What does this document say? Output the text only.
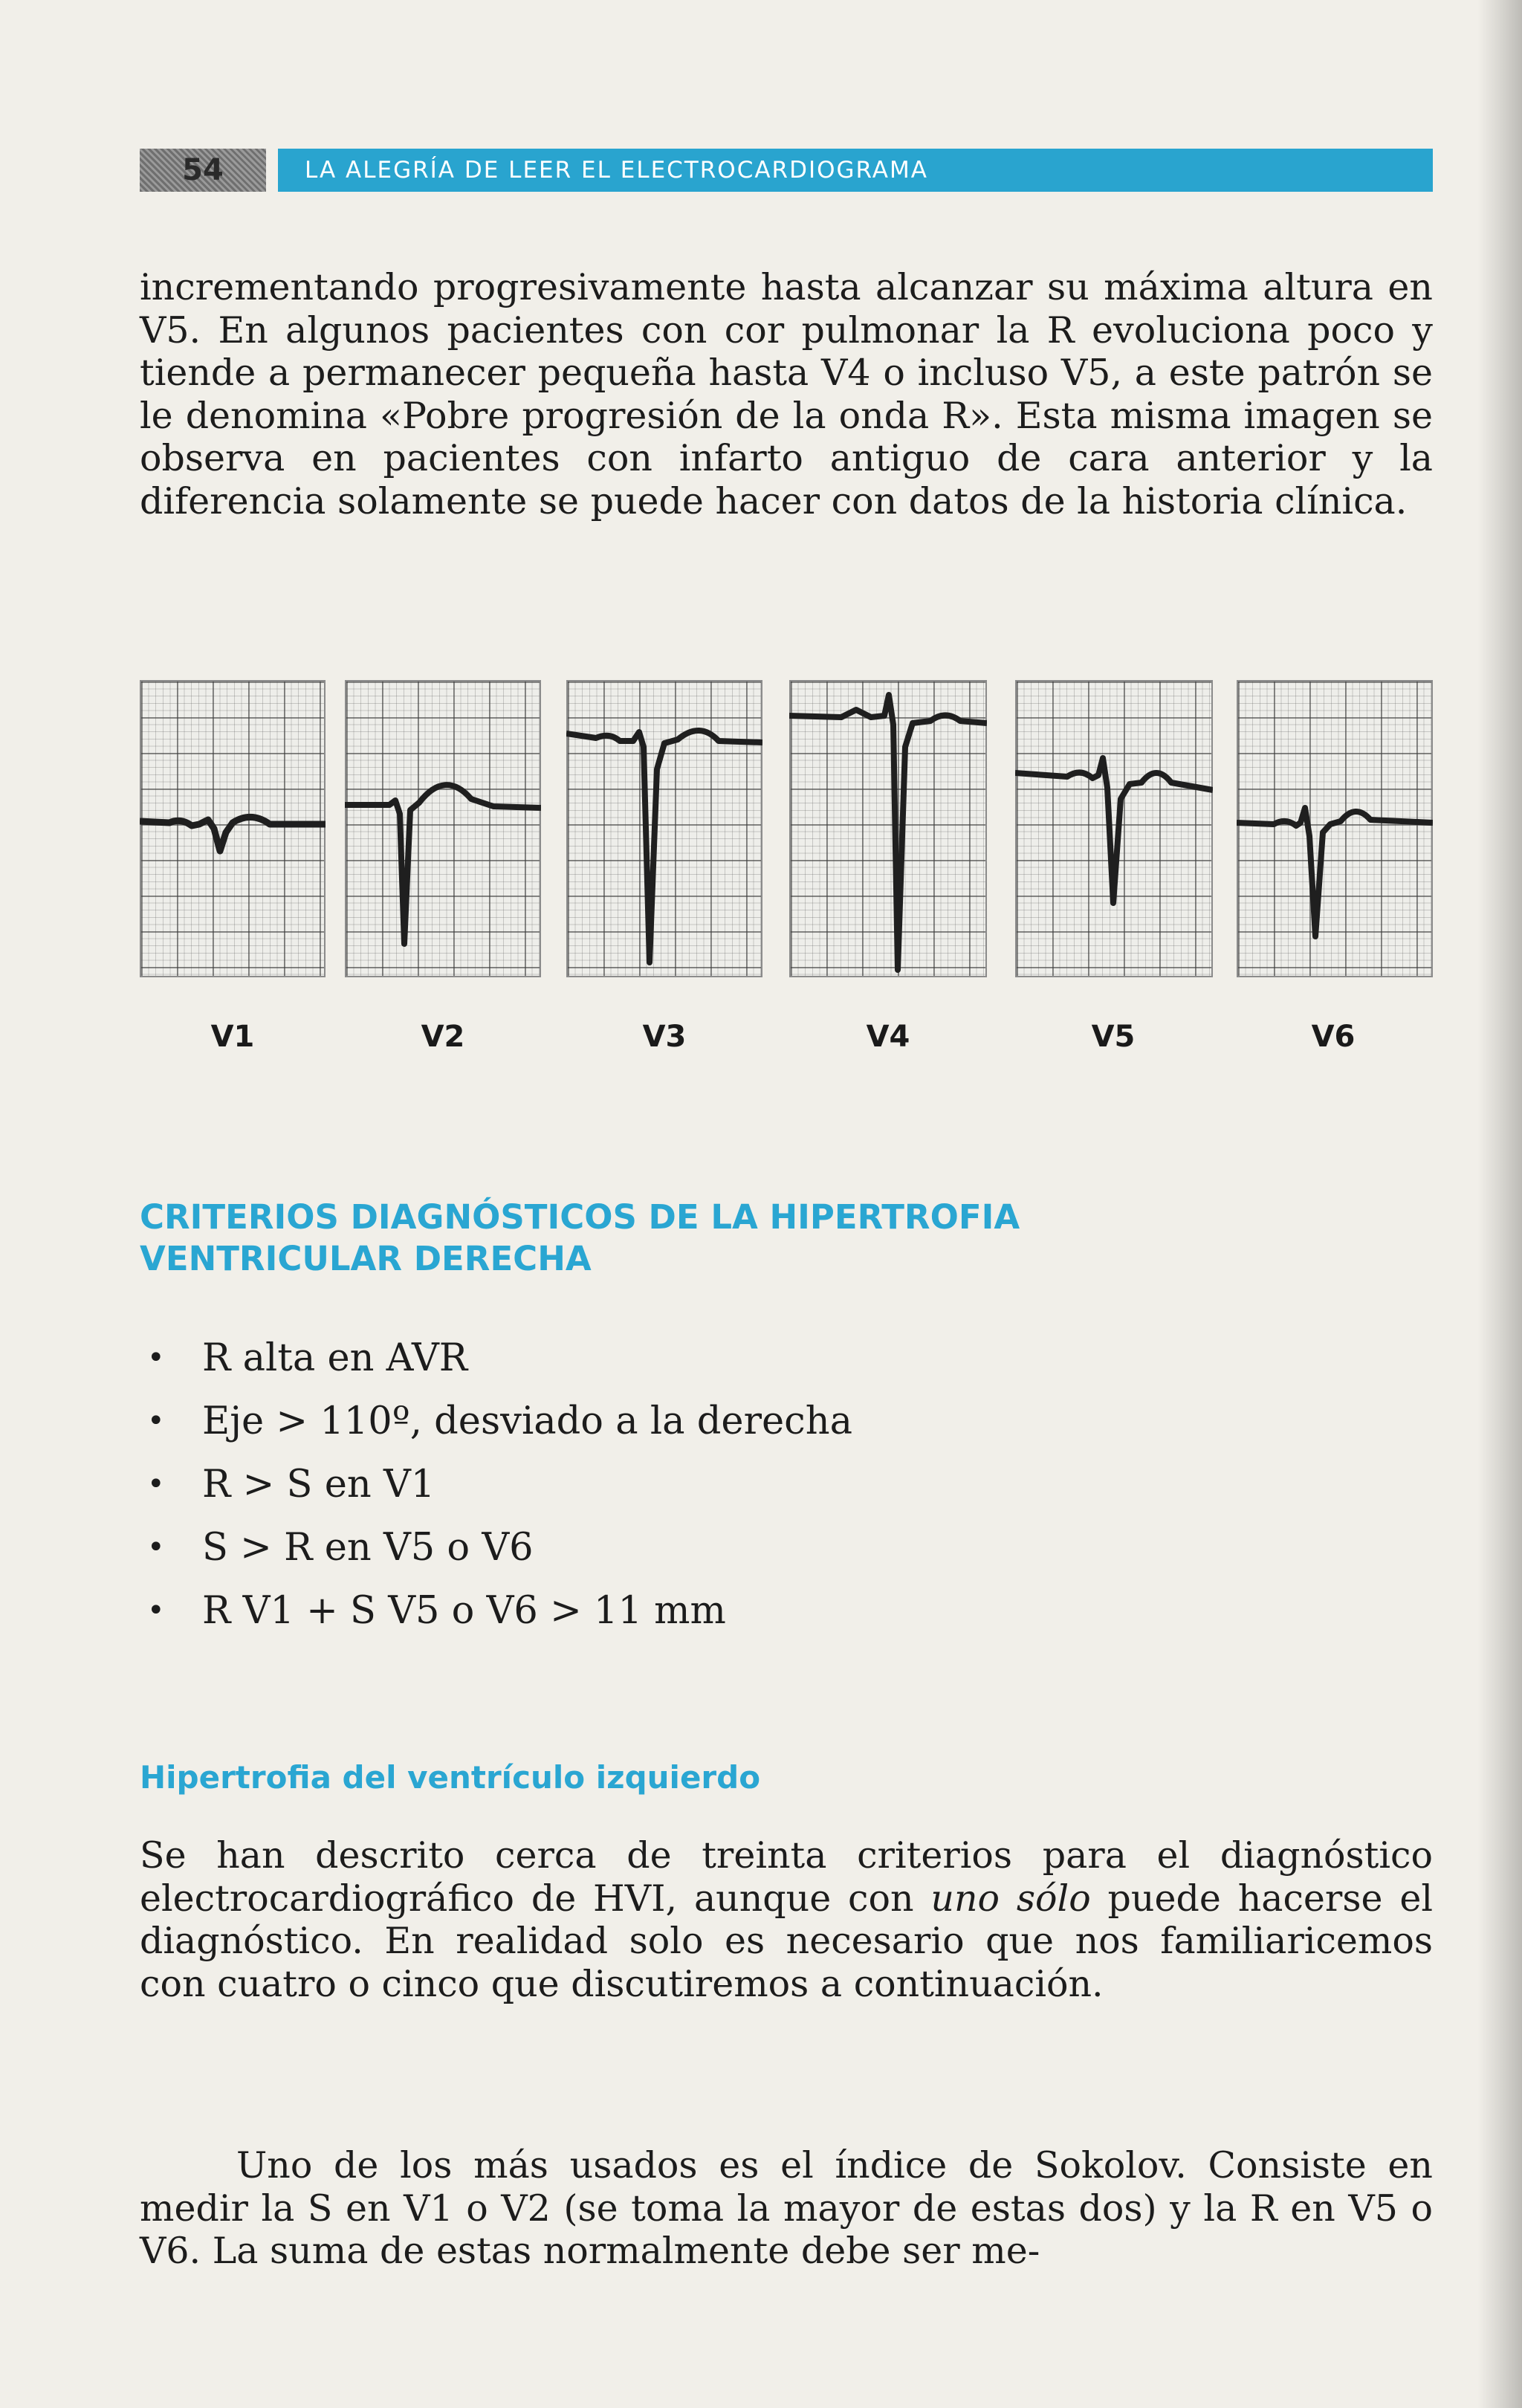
54	LA ALEGRÍA DE LEER EL ELECTROCARDIOGRAMA

incrementando progresivamente hasta alcanzar su máxima altura en V5. En algunos pacientes con cor pulmonar la R evoluciona poco y tiende a permanecer pequeña hasta V4 o incluso V5, a este patrón se le denomina «Pobre progresión de la onda R». Esta misma imagen se observa en pacientes con infarto antiguo de cara anterior y la diferencia solamente se puede hacer con datos de la historia clínica.

V1	V2	V3	V4	V5	V6
CRITERIOS DIAGNÓSTICOS DE LA HIPERTROFIA
VENTRICULAR DERECHA
• R alta en AVR
• Eje > 110º, desviado a la derecha
• R > S en V1
• S > R en V5 o V6
• R V1 + S V5 o V6 > 11 mm
Hipertrofia del ventrículo izquierdo

Se han descrito cerca de treinta criterios para el diagnóstico electrocardiográfico de HVI, aunque con uno sólo puede hacerse el diagnóstico. En realidad solo es necesario que nos familiaricemos con cuatro o cinco que discutiremos a continuación.

Uno de los más usados es el índice de Sokolov. Consiste en medir la S en V1 o V2 (se toma la mayor de estas dos) y la R en V5 o V6. La suma de estas normalmente debe ser me-
